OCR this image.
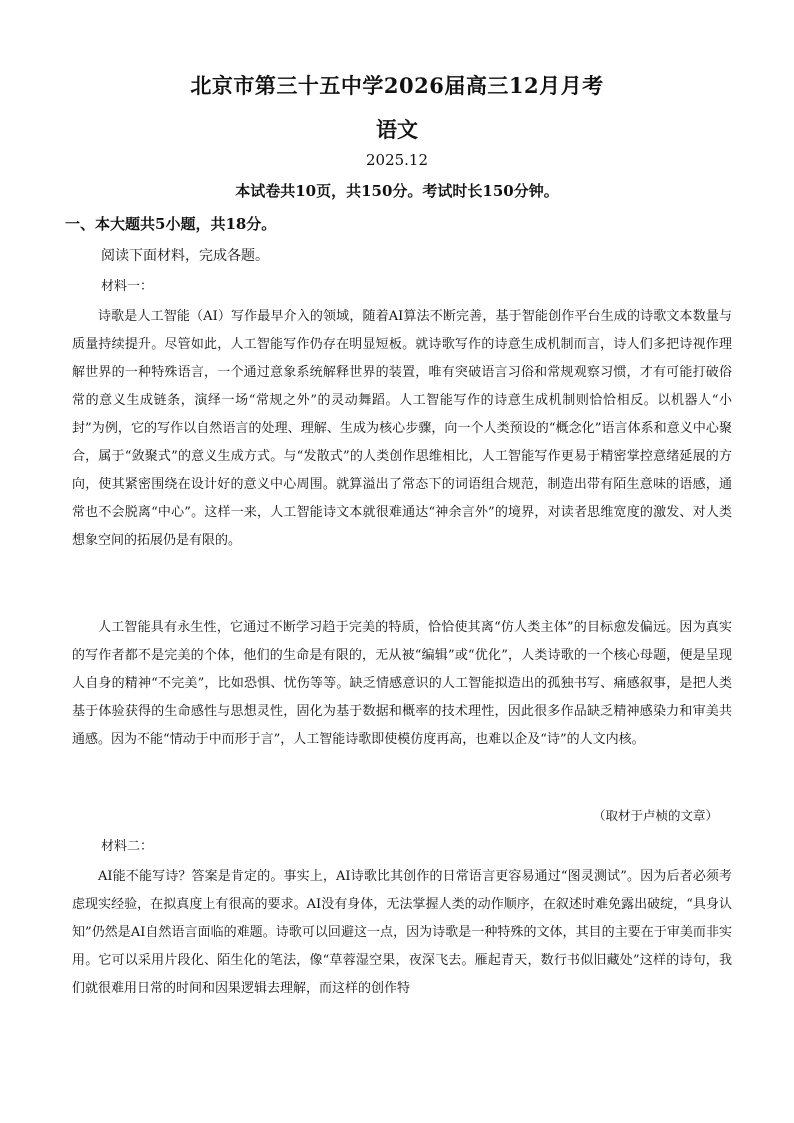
北京市第三十五中学2026届高三12月月考
语文
2025.12
本试卷共10页，共150分。考试时长150分钟。
一、本大题共5小题，共18分。
阅读下面材料，完成各题。
材料一：

诗歌是人工智能（AI）写作最早介入的领域，随着AI算法不断完善，基于智能创作平台生成的诗歌文本数量与质量持续提升。尽管如此，人工智能写作仍存在明显短板。就诗歌写作的诗意生成机制而言，诗人们多把诗视作理解世界的一种特殊语言，一个通过意象系统解释世界的装置，唯有突破语言习俗和常规观察习惯，才有可能打破俗常的意义生成链条，演绎一场“常规之外”的灵动舞蹈。人工智能写作的诗意生成机制则恰恰相反。以机器人“小封”为例，它的写作以自然语言的处理、理解、生成为核心步骤，向一个人类预设的“概念化”语言体系和意义中心聚合，属于“敛聚式”的意义生成方式。与“发散式”的人类创作思维相比，人工智能写作更易于精密掌控意绪延展的方向，使其紧密围绕在设计好的意义中心周围。就算溢出了常态下的词语组合规范，制造出带有陌生意味的语感，通常也不会脱离“中心”。这样一来，人工智能诗文本就很难通达“神余言外”的境界，对读者思维宽度的激发、对人类想象空间的拓展仍是有限的。

人工智能具有永生性，它通过不断学习趋于完美的特质，恰恰使其离“仿人类主体”的目标愈发偏远。因为真实的写作者都不是完美的个体，他们的生命是有限的，无从被“编辑”或“优化”，人类诗歌的一个核心母题，便是呈现人自身的精神“不完美”，比如恐惧、忧伤等等。缺乏情感意识的人工智能拟造出的孤独书写、痛感叙事，是把人类基于体验获得的生命感性与思想灵性，固化为基于数据和概率的技术理性，因此很多作品缺乏精神感染力和审美共通感。因为不能“情动于中而形于言”，人工智能诗歌即使模仿度再高，也难以企及“诗”的人文内核。

（取材于卢桢的文章）
材料二：

AI能不能写诗？答案是肯定的。事实上，AI诗歌比其创作的日常语言更容易通过“图灵测试”。因为后者必须考虑现实经验，在拟真度上有很高的要求。AI没有身体，无法掌握人类的动作顺序，在叙述时难免露出破绽，“具身认知”仍然是AI自然语言面临的难题。诗歌可以回避这一点，因为诗歌是一种特殊的文体，其目的主要在于审美而非实用。它可以采用片段化、陌生化的笔法，像“草蓉湿空果，夜深飞去。雁起青天，数行书似旧藏处”这样的诗句，我们就很难用日常的时间和因果逻辑去理解，而这样的创作特
